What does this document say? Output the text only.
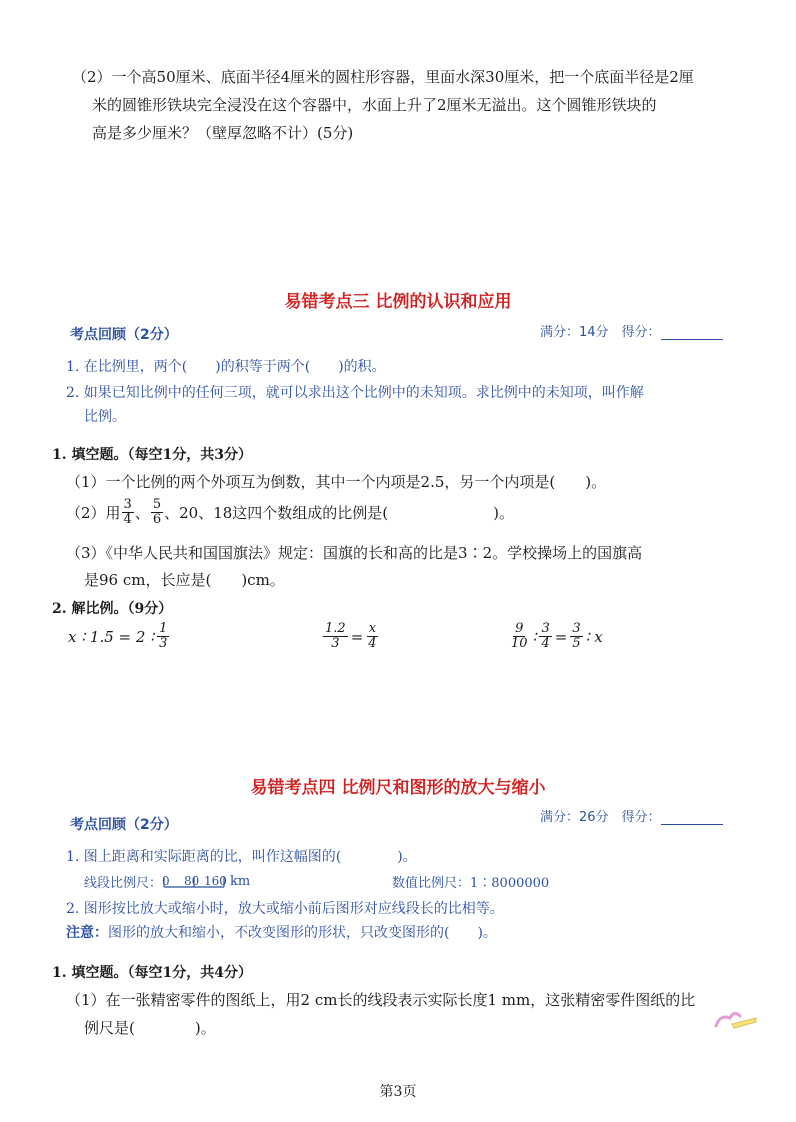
（2）一个高50厘米、底面半径4厘米的圆柱形容器，里面水深30厘米，把一个底面半径是2厘
米的圆锥形铁块完全浸没在这个容器中，水面上升了2厘米无溢出。这个圆锥形铁块的
高是多少厘米？（壁厚忽略不计）(5分)
易错考点三 比例的认识和应用
考点回顾（2分）	满分：14分　得分：
1. 在比例里，两个(　　)的积等于两个(　　)的积。
2. 如果已知比例中的任何三项，就可以求出这个比例中的未知项。求比例中的未知项，叫作解
比例。
1. 填空题。（每空1分，共3分）
（1）一个比例的两个外项互为倒数，其中一个内项是2.5，另一个内项是(　　)。
（2）用 $\frac{3}{4}$ 、 $\frac{5}{6}$ 、20、18这四个数组成的比例是(　　　　　　　)。
（3）《中华人民共和国国旗法》规定：国旗的长和高的比是3∶2。学校操场上的国旗高
是96 cm，长应是(　　)cm。
2. 解比例。（9分）
x ∶ 1.5 = 2 ∶ $\frac{1}{3}$	$\frac{1.2}{3} = \frac{x}{4}$	$\frac{9}{10}$ ∶ $\frac{3}{4} = \frac{3}{5}$ ∶ x
易错考点四 比例尺和图形的放大与缩小
考点回顾（2分）	满分：26分　得分：
1. 图上距离和实际距离的比，叫作这幅图的(　　　　)。
线段比例尺： 0 80 160 km	数值比例尺：1∶8000000
2. 图形按比放大或缩小时，放大或缩小前后图形对应线段长的比相等。
注意：图形的放大和缩小，不改变图形的形状，只改变图形的(　　)。
1. 填空题。（每空1分，共4分）
（1）在一张精密零件的图纸上，用2 cm长的线段表示实际长度1 mm，这张精密零件图纸的比
例尺是(　　　　)。
第3页
